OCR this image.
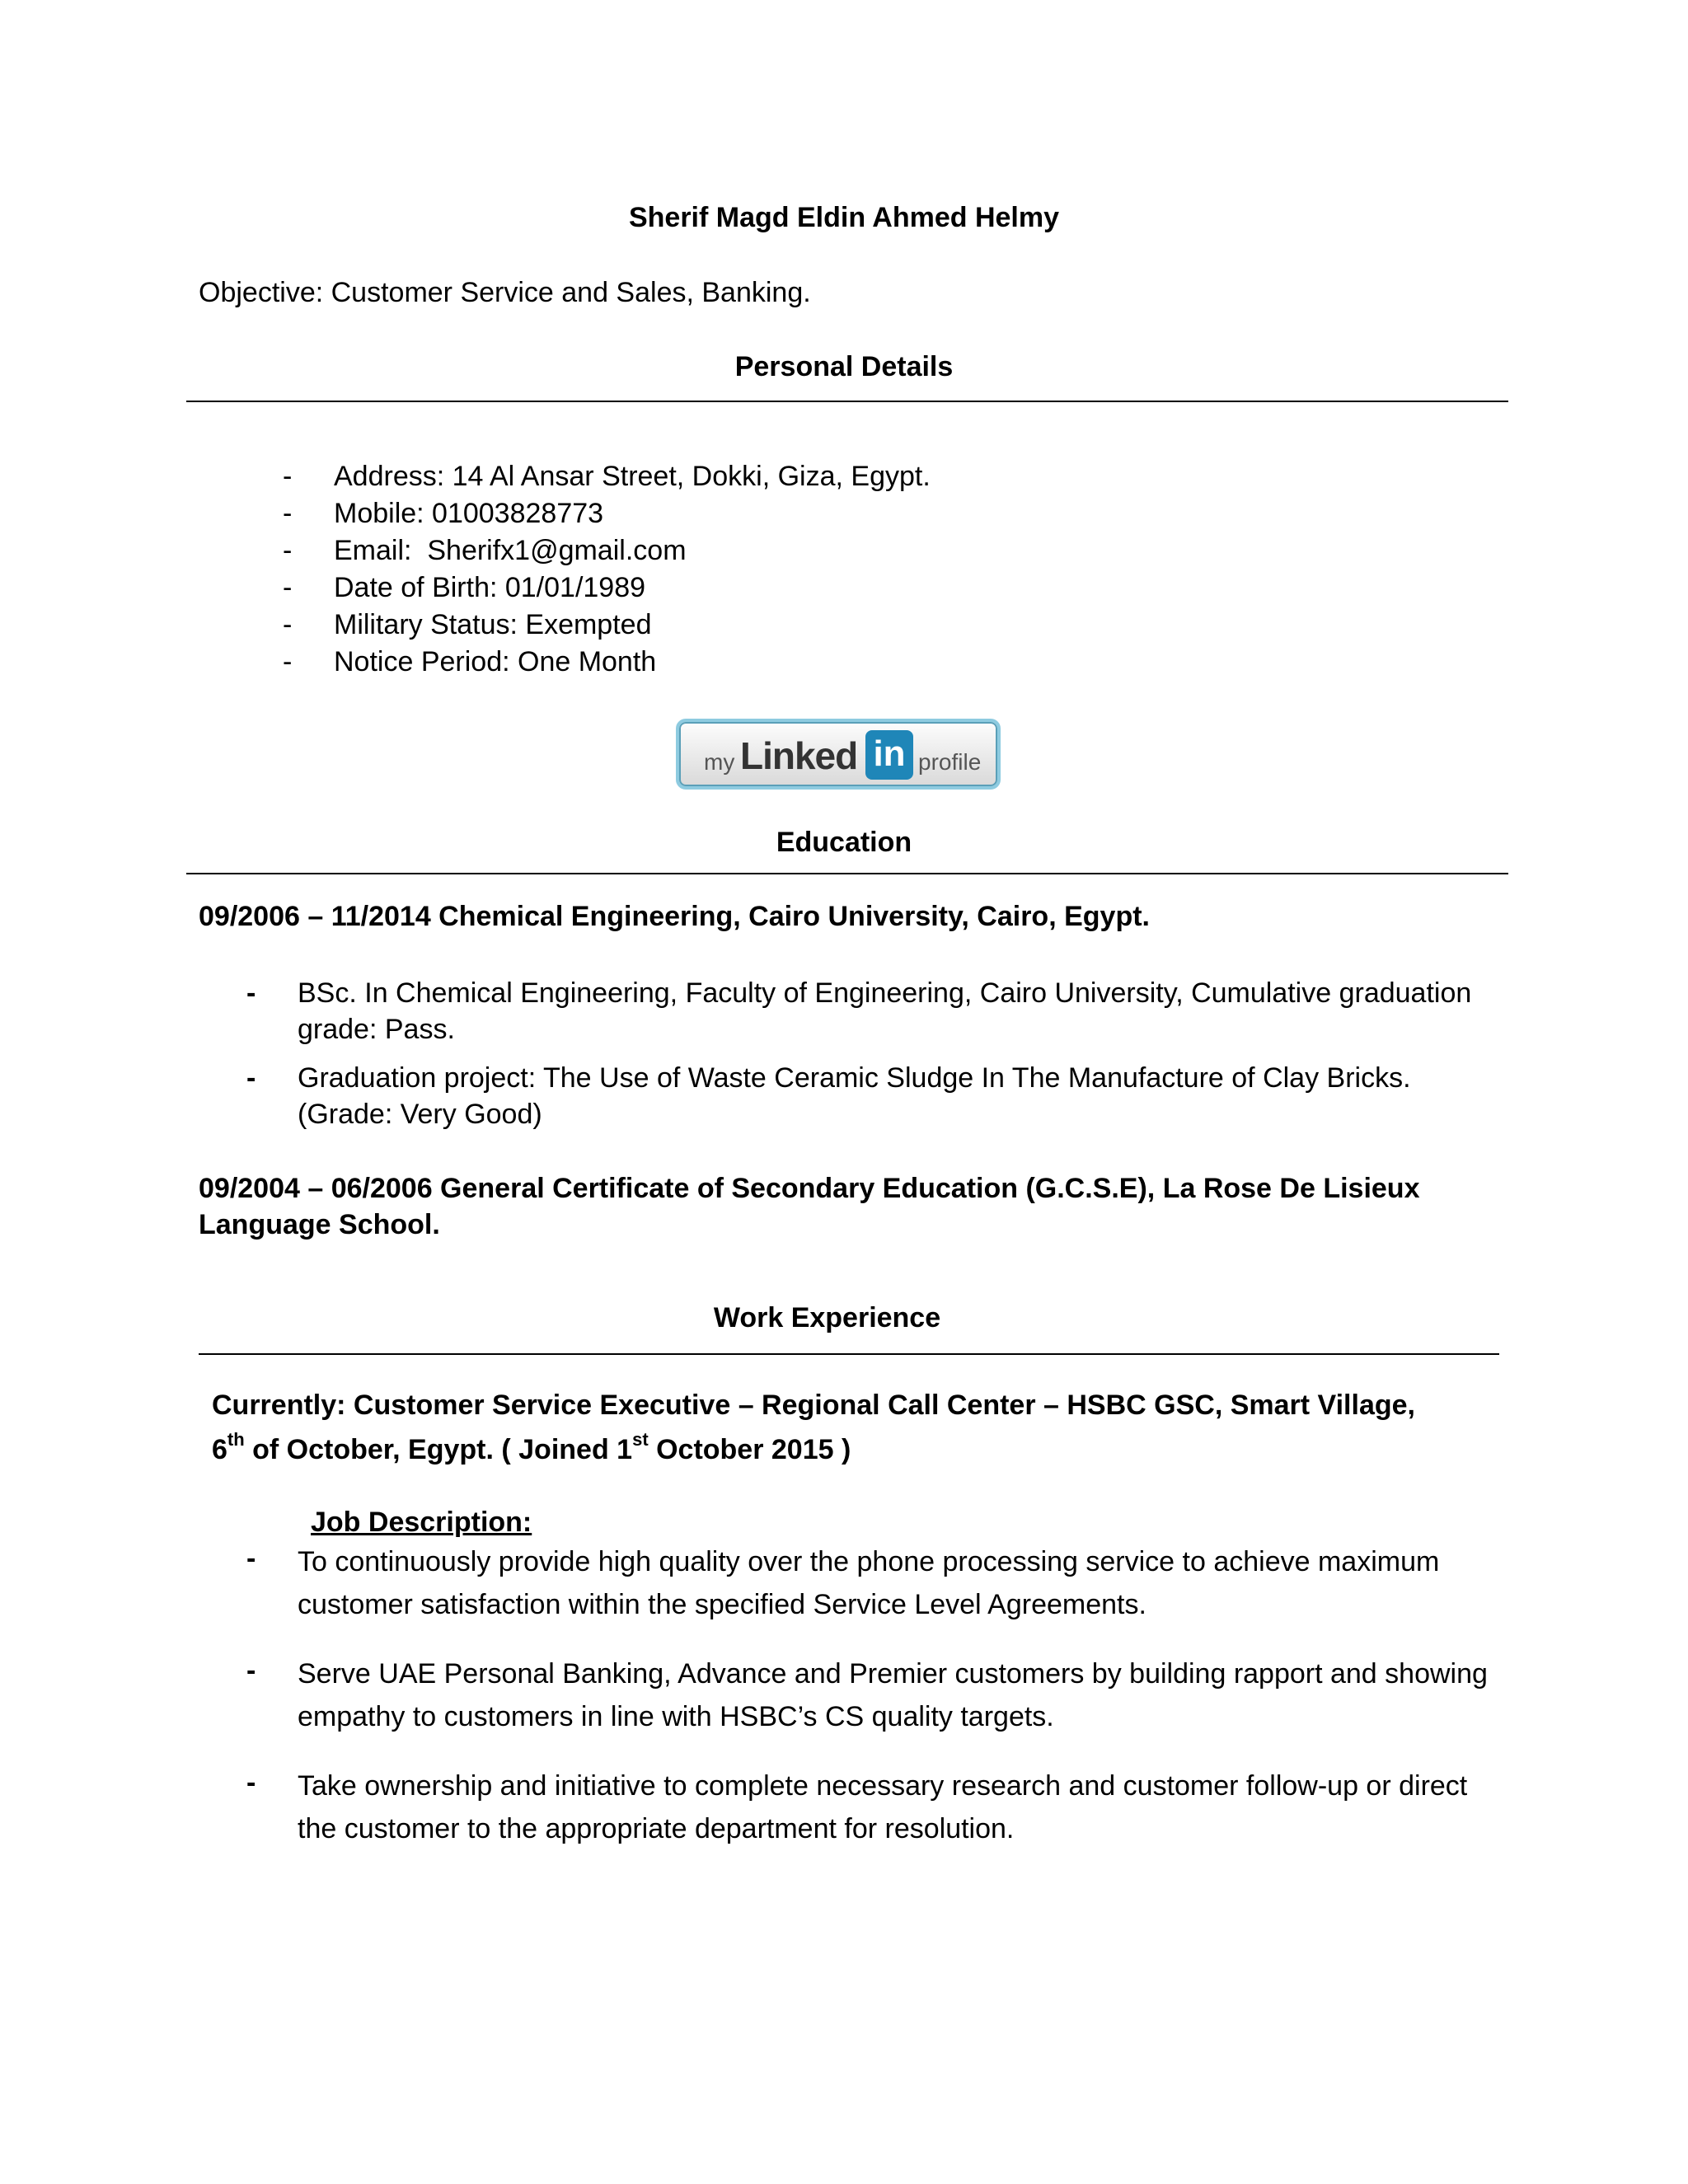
Sherif Magd Eldin Ahmed Helmy
Objective: Customer Service and Sales, Banking.
Personal Details
- Address: 14 Al Ansar Street, Dokki, Giza, Egypt.
- Mobile: 01003828773
- Email:  Sherifx1@gmail.com
- Date of Birth: 01/01/1989
- Military Status: Exempted
- Notice Period: One Month
my Linked in profile
Education
09/2006 – 11/2014 Chemical Engineering, Cairo University, Cairo, Egypt.
- BSc. In Chemical Engineering, Faculty of Engineering, Cairo University, Cumulative graduation grade: Pass.
- Graduation project: The Use of Waste Ceramic Sludge In The Manufacture of Clay Bricks. (Grade: Very Good)
09/2004 – 06/2006 General Certificate of Secondary Education (G.C.S.E), La Rose De Lisieux Language School.
Work Experience
Currently: Customer Service Executive – Regional Call Center – HSBC GSC, Smart Village, 6th of October, Egypt. ( Joined 1st October 2015 )
Job Description:
- To continuously provide high quality over the phone processing service to achieve maximum customer satisfaction within the specified Service Level Agreements.
- Serve UAE Personal Banking, Advance and Premier customers by building rapport and showing empathy to customers in line with HSBC’s CS quality targets.
- Take ownership and initiative to complete necessary research and customer follow-up or direct the customer to the appropriate department for resolution.
